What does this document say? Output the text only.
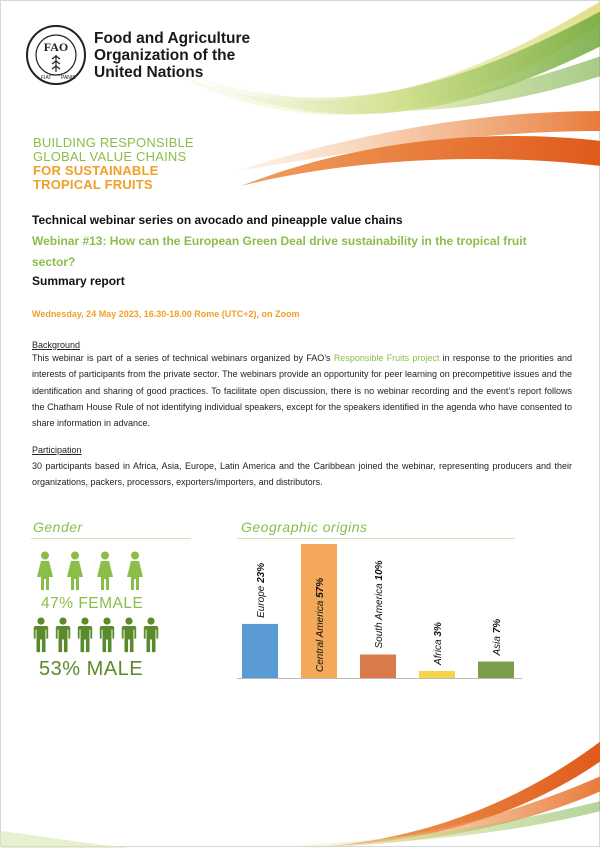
FAO
FIAT PANIS
Food and Agriculture
Organization of the
United Nations
BUILDING RESPONSIBLE
GLOBAL VALUE CHAINS
FOR SUSTAINABLE
TROPICAL FRUITS
Technical webinar series on avocado and pineapple value chains
Webinar #13: How can the European Green Deal drive sustainability in the tropical fruit sector?
Summary report
Wednesday, 24 May 2023, 16.30-18.00 Rome (UTC+2), on Zoom
Background
This webinar is part of a series of technical webinars organized by FAO’s Responsible Fruits project in response to the priorities and interests of participants from the private sector. The webinars provide an opportunity for peer learning on precompetitive issues and the identification and sharing of good practices. To facilitate open discussion, there is no webinar recording and the event’s report follows the Chatham House Rule of not identifying individual speakers, except for the speakers identified in the agenda who have consented to share information in advance.
Participation
30 participants based in Africa, Asia, Europe, Latin America and the Caribbean joined the webinar, representing producers and their organizations, packers, processors, exporters/importers, and distributors.
Gender
47% FEMALE
53% MALE
Geographic origins
Europe 23%
Central America 57%	South America 10%
Africa 3%
Asia 7%
